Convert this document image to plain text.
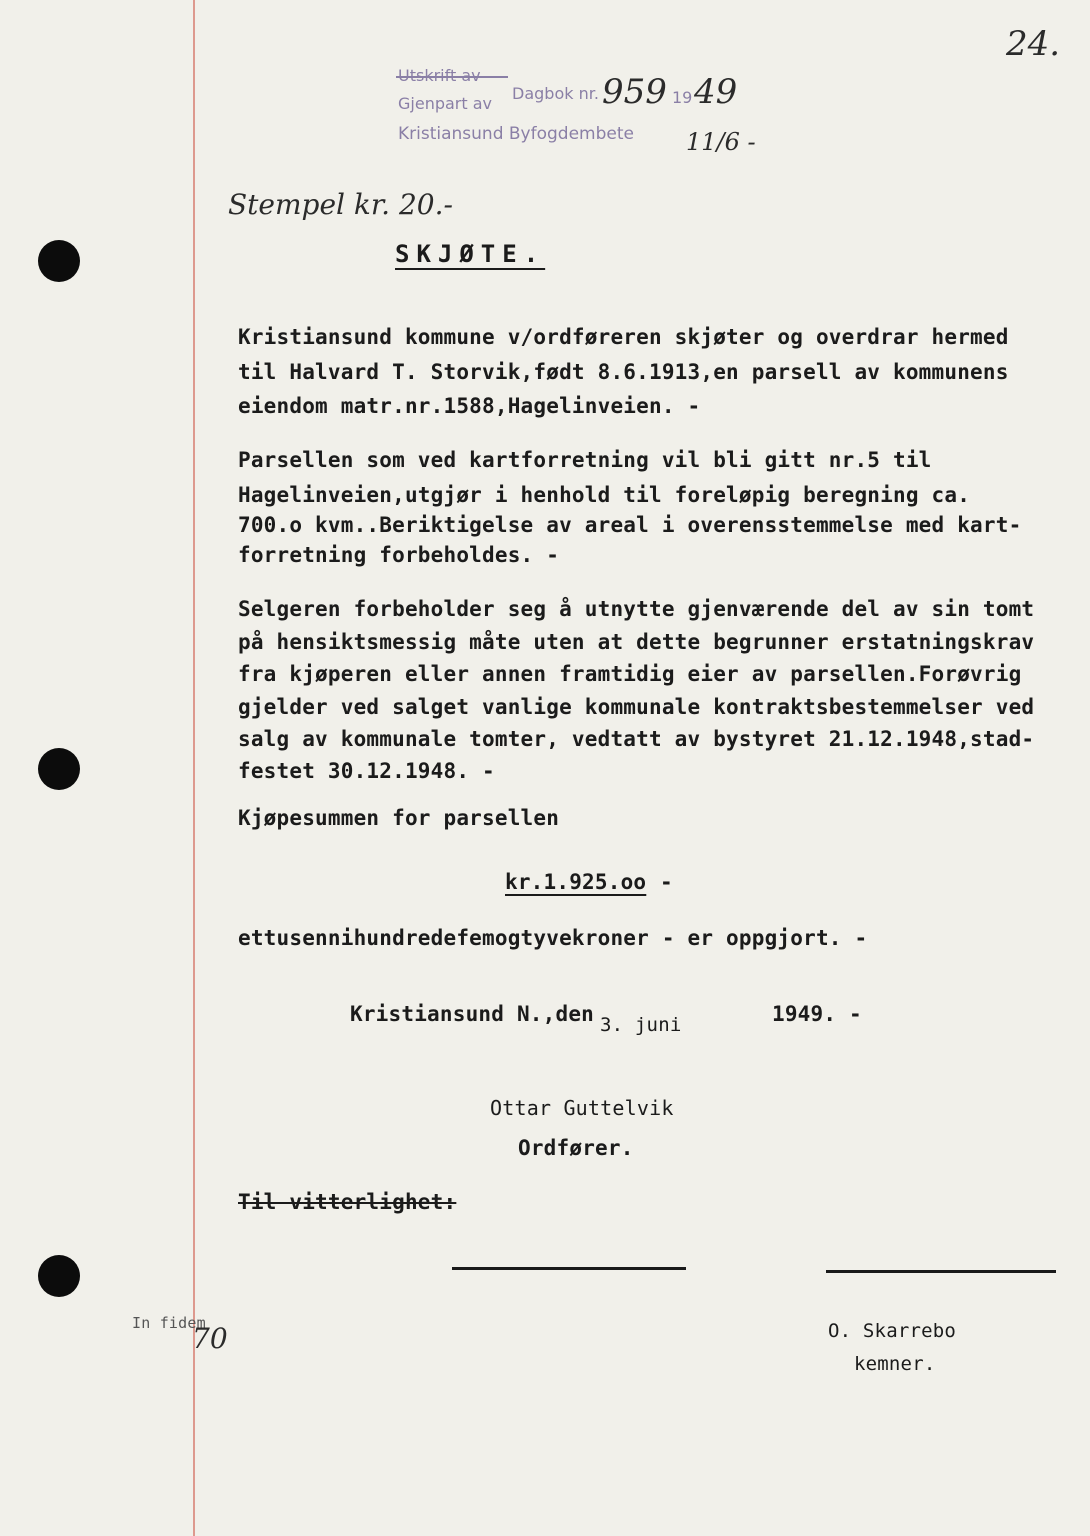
Gjenpart av
Kristiansund Byfogdembete
Dagbok nr. 959 19 49
11/6 -
24.
Stempel kr. 20.-
SKJØTE.
Kristiansund kommune v/ordføreren skjøter og overdrar hermed
til Halvard T. Storvik,født 8.6.1913,en parsell av kommunens
eiendom matr.nr.1588,Hagelinveien. -
Parsellen som ved kartforretning vil bli gitt nr.5 til
Hagelinveien,utgjør i henhold til foreløpig beregning ca.
700.o kvm..Beriktigelse av areal i overensstemmelse med kart-
forretning forbeholdes. -
Selgeren forbeholder seg å utnytte gjenværende del av sin tomt
på hensiktsmessig måte uten at dette begrunner erstatningskrav
fra kjøperen eller annen framtidig eier av parsellen.Forøvrig
gjelder ved salget vanlige kommunale kontraktsbestemmelser ved
salg av kommunale tomter, vedtatt av bystyret 21.12.1948,stad-
festet 30.12.1948. -
Kjøpesummen for parsellen
kr.1.925.oo -
ettusennihundredefemogtyvekroner - er oppgjort. -
Kristiansund N.,den 3. juni	1949. -
Ottar Guttelvik
Ordfører.
Til vitterlighet:
In fidem
70	O. Skarrebo
kemner.
